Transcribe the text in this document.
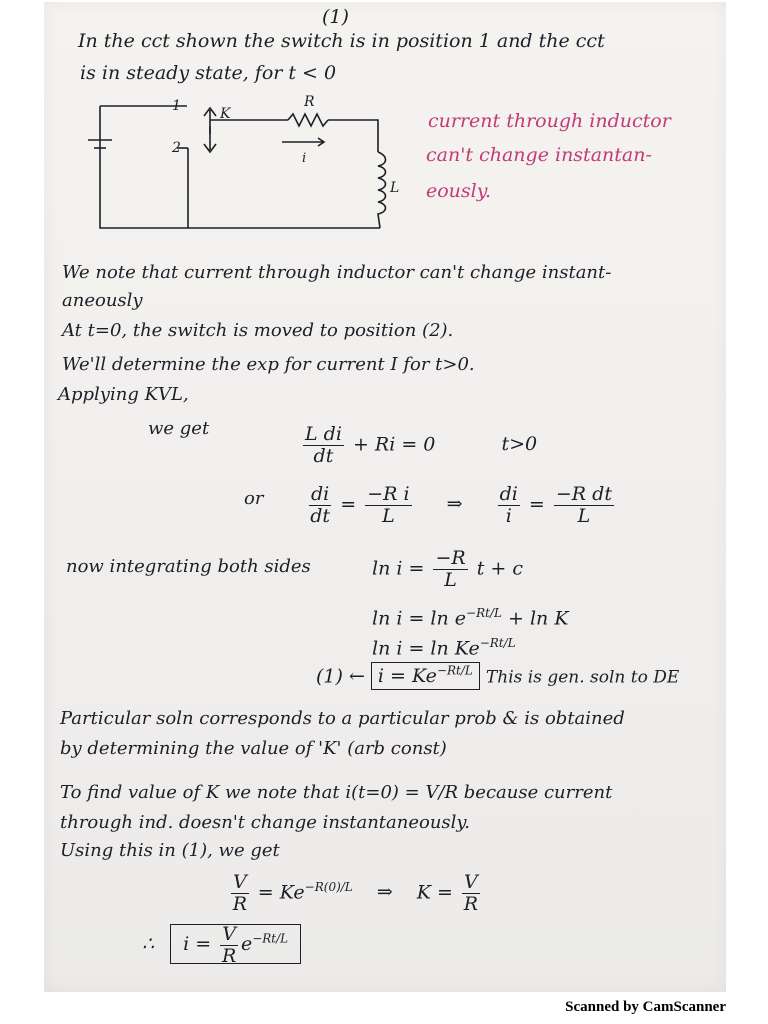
(1)
In the cct shown the switch is in position 1 and the cct
is in steady state, for t < 0
1
2
K
R
i
L
current through inductor
can't change instantan-
eously.
We note that current through inductor can't change instant-
aneously
At t=0, the switch is moved to position (2).
We'll determine the exp for current I for t>0.
Applying KVL,
we get	$\frac{\text{L di}}{dt} + Ri = 0$	t>0
or $\frac{di}{dt} = \frac{\text{−R i}}{L}$ ⇒ $\frac{di}{i} = \frac{\text{−R dt}}{L}$
now integrating both sides	$\ln i = \frac{-R}{L}$ t + c
$\ln i = \ln e^{-Rt/L} + \ln K$
$\ln i = \ln Ke^{-Rt/L}$
(1) ← $i = Ke^{-Rt/L}$ This is gen. soln to DE
Particular soln corresponds to a particular prob & is obtained
by determining the value of 'K' (arb const)
To find value of K we note that i(t=0) = V/R because current
through ind. doesn't change instantaneously.
Using this in (1), we get
$\frac{V}{R} = Ke^{-R(0)/L}$ ⇒ $K = \frac{V}{R}$
∴ $i = \frac{V}{R} e^{-Rt/L}$
Scanned by CamScanner
